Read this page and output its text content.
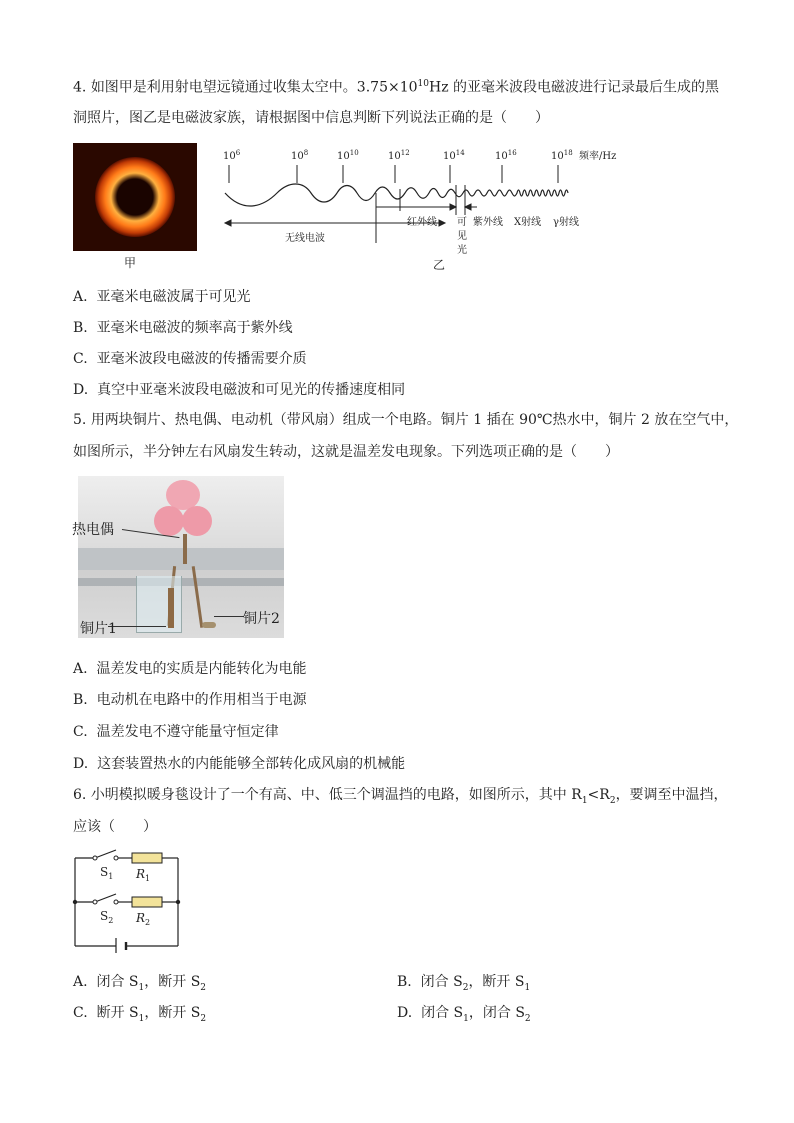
4. 如图甲是利用射电望远镜通过收集太空中。$3.75\times 10^{10}Hz$ 的亚毫米波段电磁波进行记录最后生成的黑
洞照片，图乙是电磁波家族，请根据图中信息判断下列说法正确的是（　　）
甲
$10^6$	$10^8$	$10^{10}$	$10^{12}$	$10^{14}$	$10^{16}$	$10^{18}$ 频率/Hz
无线电波
红外线 可
见
光
紫外线 X射线 γ射线
乙
A. 亚毫米电磁波属于可见光
B. 亚毫米电磁波的频率高于紫外线
C. 亚毫米波段电磁波的传播需要介质
D. 真空中亚毫米波段电磁波和可见光的传播速度相同
5. 用两块铜片、热电偶、电动机（带风扇）组成一个电路。铜片 1 插在 90℃热水中，铜片 2 放在空气中，
如图所示，半分钟左右风扇发生转动，这就是温差发电现象。下列选项正确的是（　　）
热电偶
铜片1
铜片2
A. 温差发电的实质是内能转化为电能
B. 电动机在电路中的作用相当于电源
C. 温差发电不遵守能量守恒定律
D. 这套装置热水的内能能够全部转化成风扇的机械能
6. 小明模拟暖身毯设计了一个有高、中、低三个调温挡的电路，如图所示，其中 $R_1<R_2$，要调至中温挡，
应该（　　）
$S_1$ $R_1$
$S_2$ $R_2$
A. 闭合 $S_1$，断开 $S_2$	B. 闭合 $S_2$，断开 $S_1$
C. 断开 $S_1$，断开 $S_2$	D. 闭合 $S_1$，闭合 $S_2$
